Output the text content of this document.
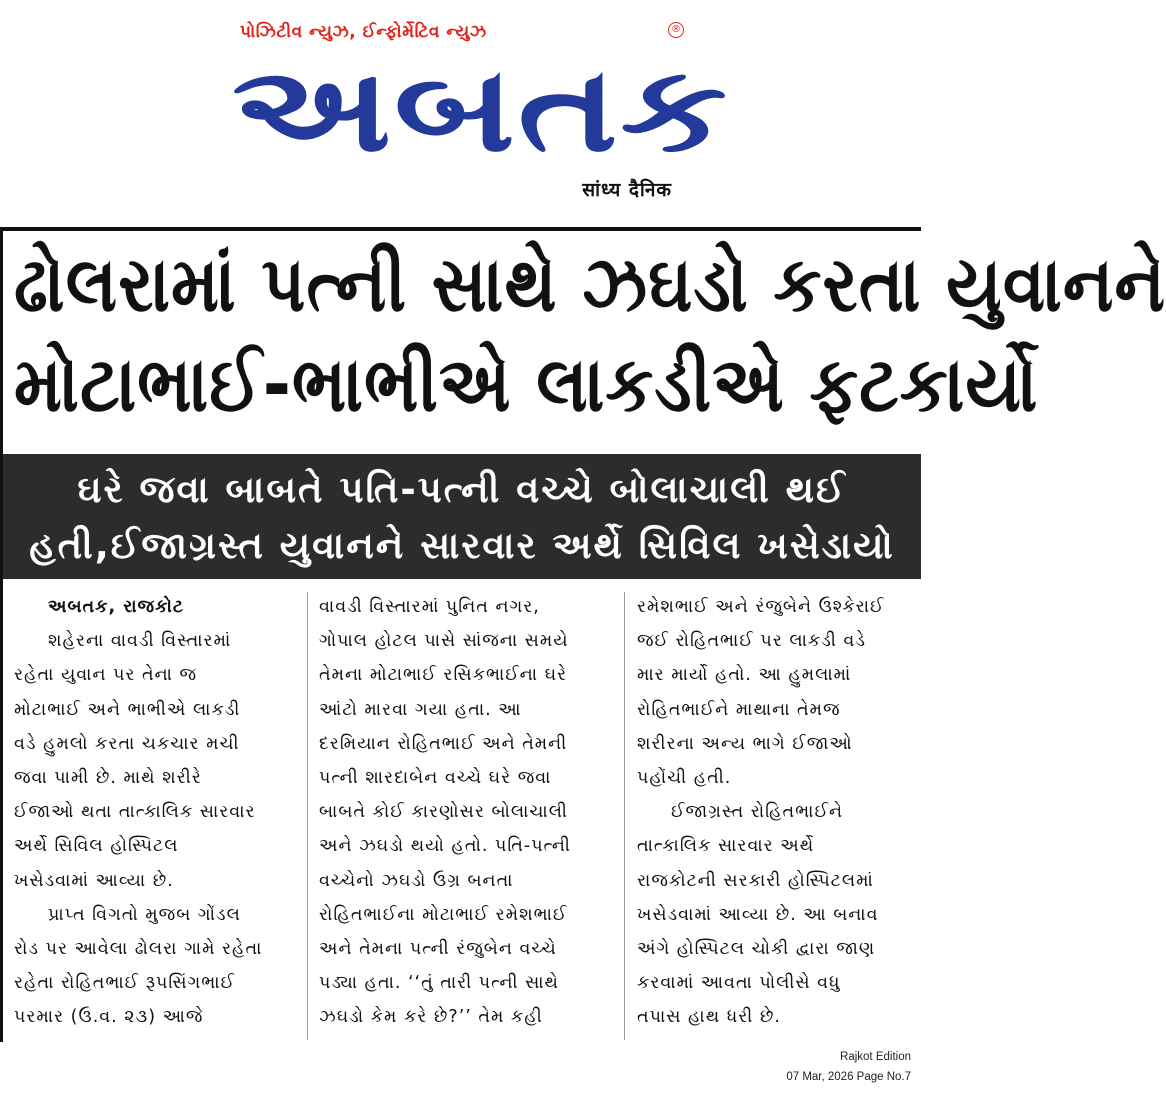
પોઝિટીવ ન્યુઝ, ઈન્ફોર્મેટિવ ન્યુઝ	®
અબતક
सांध्य दैनिक
ઢોલરામાં પત્ની સાથે ઝઘડો કરતા યુવાનને
મોટાભાઈ-ભાભીએ લાકડીએ ફટકાર્યો
ઘરે જવા બાબતે પતિ-પત્ની વચ્ચે બોલાચાલી થઈ
હતી,ઈજાગ્રસ્ત યુવાનને સારવાર અર્થે સિવિલ ખસેડાયો

અબતક, રાજકોટ

શહેરના વાવડી વિસ્તારમાં

રહેતા યુવાન પર તેના જ

મોટાભાઈ અને ભાભીએ લાકડી

વડે હુમલો કરતા ચકચાર મચી

જવા પામી છે. માથે શરીરે

ઈજાઓ થતા તાત્કાલિક સારવાર

અર્થે સિવિલ હોસ્પિટલ

ખસેડવામાં આવ્યા છે.

પ્રાપ્ત વિગતો મુજબ ગોંડલ

રોડ પર આવેલા ઢોલરા ગામે રહેતા

રહેતા રોહિતભાઈ રૂપસિંગભાઈ

પરમાર (ઉ.વ. ૨૩) આજે

વાવડી વિસ્તારમાં પુનિત નગર,

ગોપાલ હોટલ પાસે સાંજના સમયે

તેમના મોટાભાઈ રસિકભાઈના ઘરે

આંટો મારવા ગયા હતા. આ

દરમિયાન રોહિતભાઈ અને તેમની

પત્ની શારદાબેન વચ્ચે ઘરે જવા

બાબતે કોઈ કારણોસર બોલાચાલી

અને ઝઘડો થયો હતો. પતિ-પત્ની

વચ્ચેનો ઝઘડો ઉગ્ર બનતા

રોહિતભાઈના મોટાભાઈ રમેશભાઈ

અને તેમના પત્ની રંજુબેન વચ્ચે

પડ્યા હતા. ‘‘તું તારી પત્ની સાથે

ઝઘડો કેમ કરે છે?’’ તેમ કહી

રમેશભાઈ અને રંજુબેને ઉશ્કેરાઈ

જઈ રોહિતભાઈ પર લાકડી વડે

માર માર્યો હતો. આ હુમલામાં

રોહિતભાઈને માથાના તેમજ

શરીરના અન્ય ભાગે ઈજાઓ

પહોંચી હતી.

ઈજાગ્રસ્ત રોહિતભાઈને

તાત્કાલિક સારવાર અર્થે

રાજકોટની સરકારી હોસ્પિટલમાં

ખસેડવામાં આવ્યા છે. આ બનાવ

અંગે હોસ્પિટલ ચોકી દ્વારા જાણ

કરવામાં આવતા પોલીસે વધુ

તપાસ હાથ ધરી છે.

Rajkot Edition
07 Mar, 2026 Page No.7
